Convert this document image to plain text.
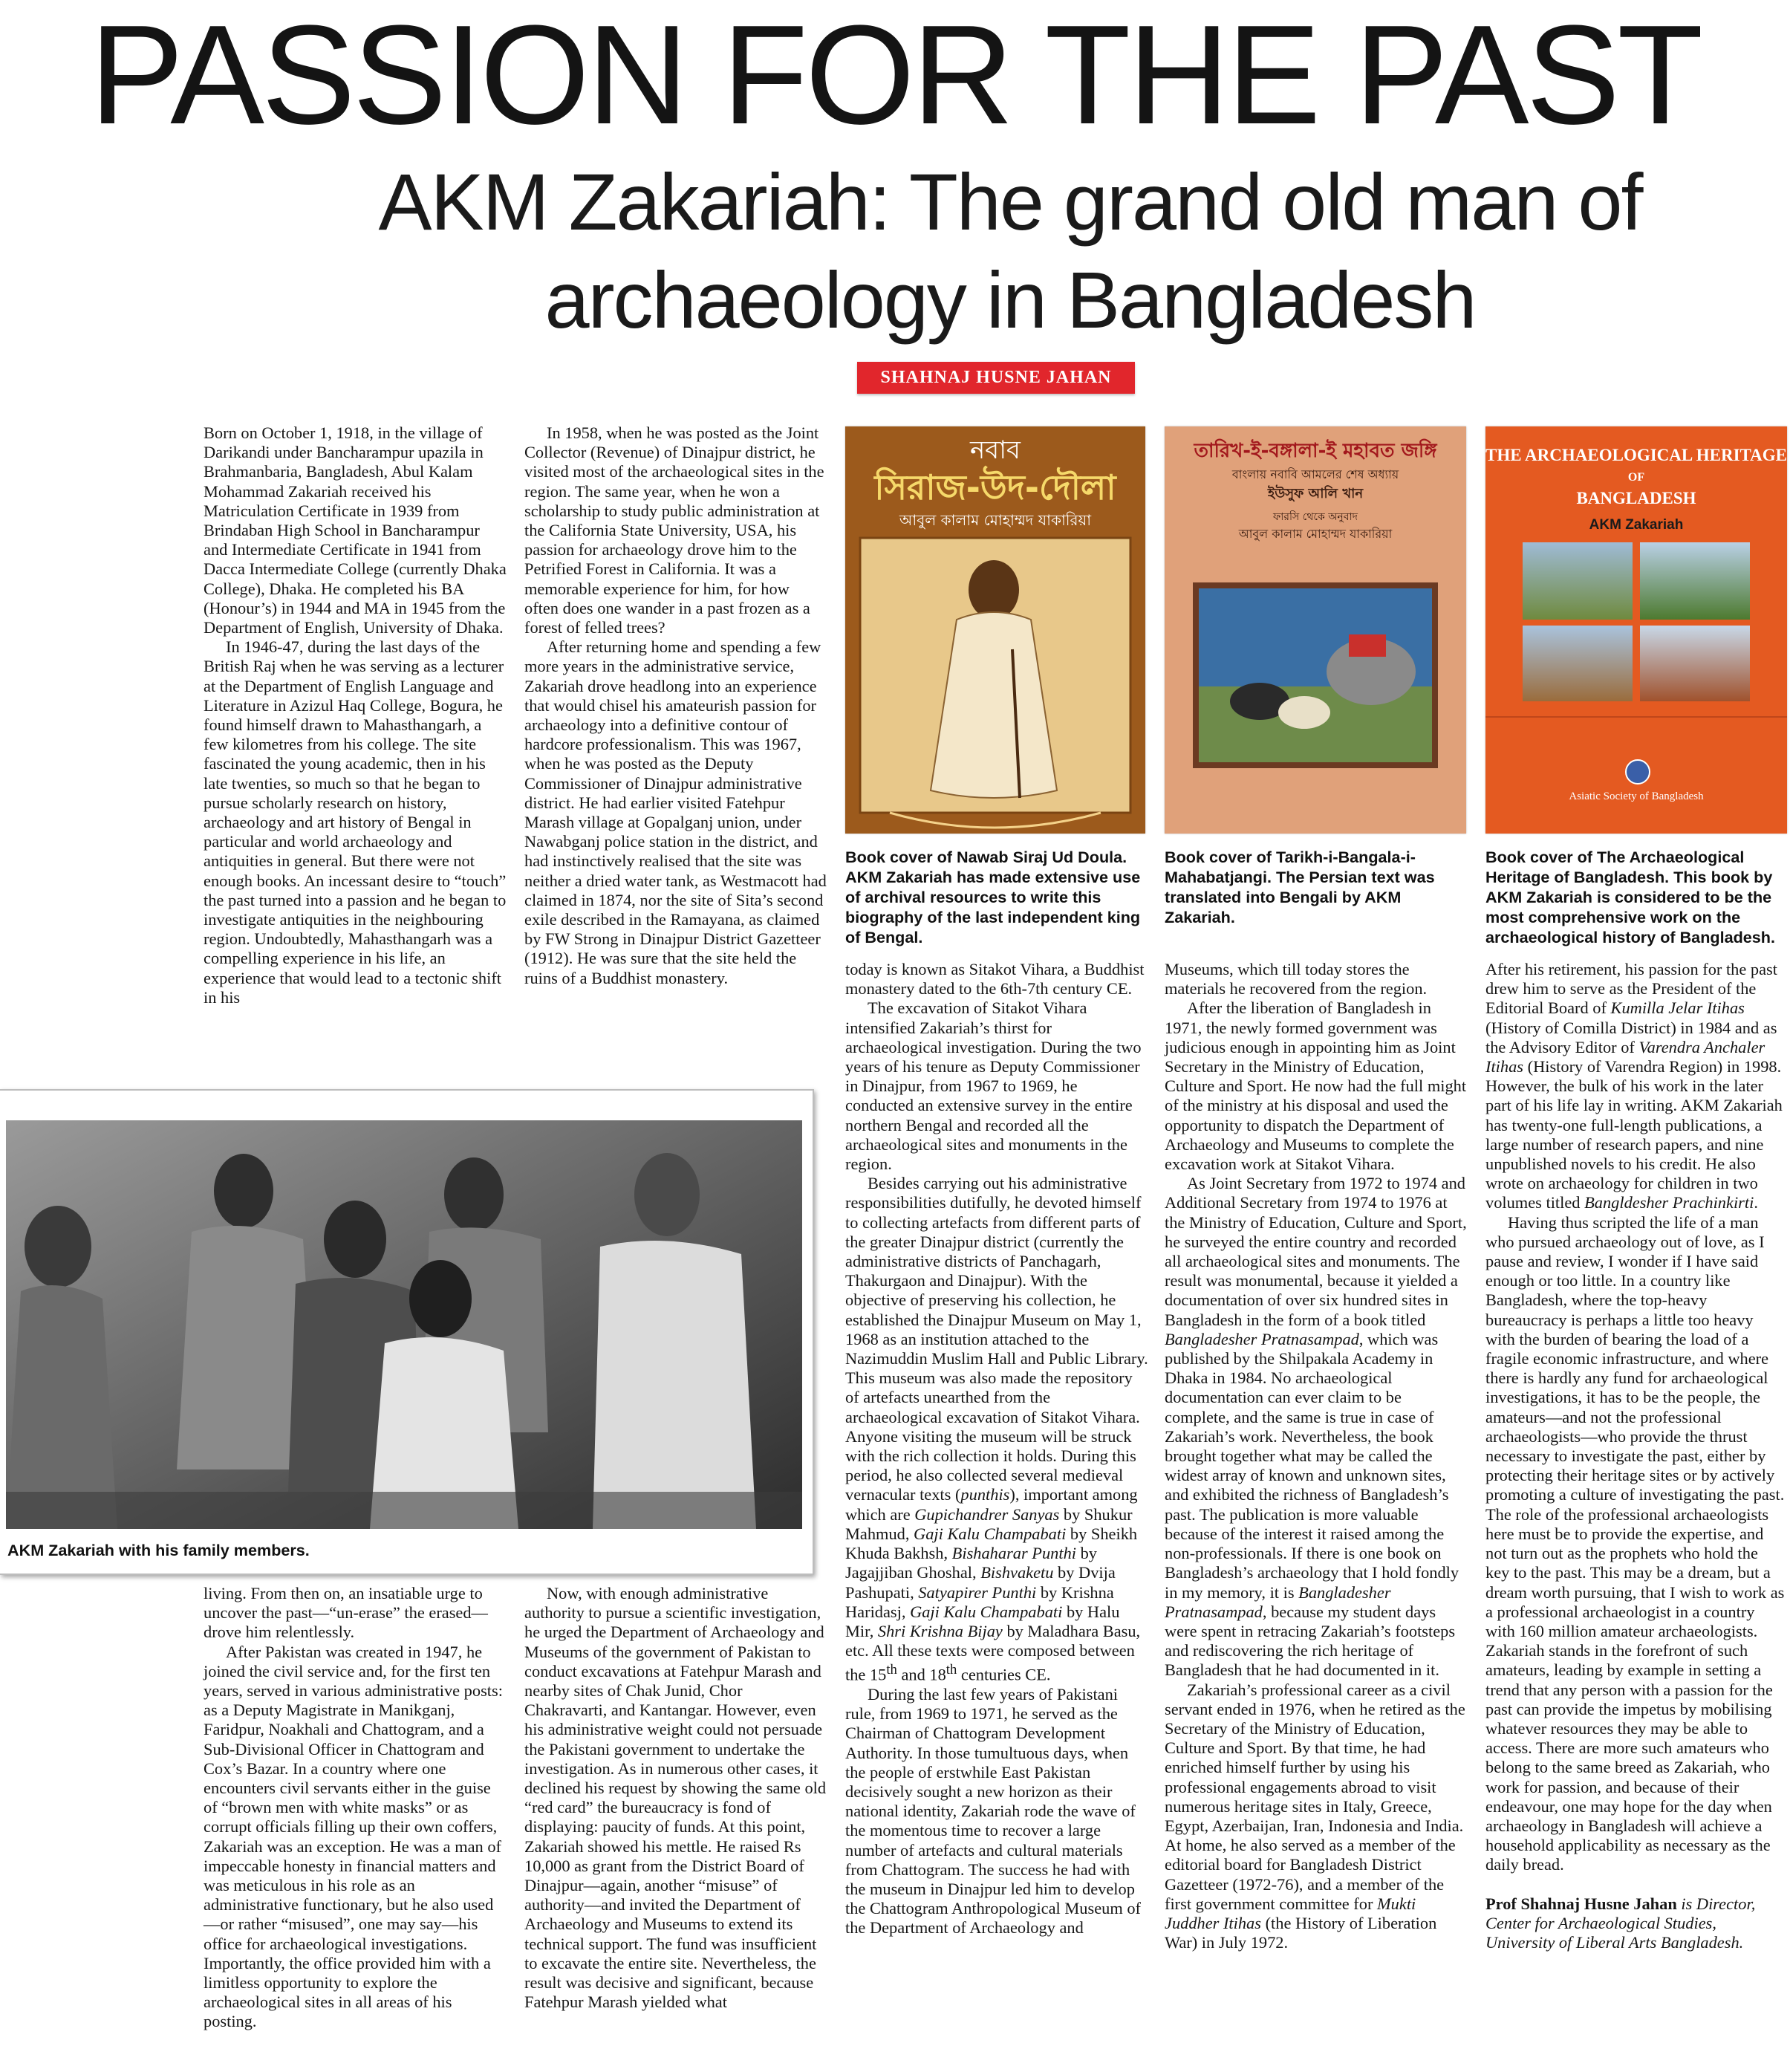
PASSION FOR THE PAST
AKM Zakariah: The grand old man of archaeology in Bangladesh
SHAHNAJ HUSNE JAHAN

Born on October 1, 1918, in the village of Darikandi under Bancharampur upazila in Brahmanbaria, Bangladesh, Abul Kalam Mohammad Zakariah received his Matriculation Certificate in 1939 from Brindaban High School in Bancharampur and Intermediate Certificate in 1941 from Dacca Intermediate College (currently Dhaka College), Dhaka. He completed his BA (Honour’s) in 1944 and MA in 1945 from the Department of English, University of Dhaka.

In 1946-47, during the last days of the British Raj when he was serving as a lecturer at the Department of English Language and Literature in Azizul Haq College, Bogura, he found himself drawn to Mahasthangarh, a few kilometres from his college. The site fascinated the young academic, then in his late twenties, so much so that he began to pursue scholarly research on history, archaeology and art history of Bengal in particular and world archaeology and antiquities in general. But there were not enough books. An incessant desire to “touch” the past turned into a passion and he began to investigate antiquities in the neighbouring region. Undoubtedly, Mahasthangarh was a compelling experience in his life, an experience that would lead to a tectonic shift in his

In 1958, when he was posted as the Joint Collector (Revenue) of Dinajpur district, he visited most of the archaeological sites in the region. The same year, when he won a scholarship to study public administration at the California State University, USA, his passion for archaeology drove him to the Petrified Forest in California. It was a memorable experience for him, for how often does one wander in a past frozen as a forest of felled trees?

After returning home and spending a few more years in the administrative service, Zakariah drove headlong into an experience that would chisel his amateurish passion for archaeology into a definitive contour of hardcore professionalism. This was 1967, when he was posted as the Deputy Commissioner of Dinajpur administrative district. He had earlier visited Fatehpur Marash village at Gopalganj union, under Nawabganj police station in the district, and had instinctively realised that the site was neither a dried water tank, as Westmacott had claimed in 1874, nor the site of Sita’s second exile described in the Ramayana, as claimed by FW Strong in Dinajpur District Gazetteer (1912). He was sure that the site held the ruins of a Buddhist monastery.

নবাব
সিরাজ-উদ-দৌলা
আবুল কালাম মোহাম্মদ যাকারিয়া
Book cover of Nawab Siraj Ud Doula. AKM Zakariah has made extensive use of archival resources to write this biography of the last independent king of Bengal.
তারিখ-ই-বঙ্গালা-ই মহাবত জঙ্গি
বাংলায় নবাবি আমলের শেষ অধ্যায়
ইউসুফ আলি খান
ফারসি থেকে অনুবাদ
আবুল কালাম মোহাম্মদ যাকারিয়া
Book cover of Tarikh-i-Bangala-i-Mahabatjangi. The Persian text was translated into Bengali by AKM Zakariah.
THE ARCHAEOLOGICAL HERITAGE
OF
BANGLADESH
AKM Zakariah
Asiatic Society of Bangladesh
Book cover of The Archaeological Heritage of Bangladesh. This book by AKM Zakariah is considered to be the most comprehensive work on the archaeological history of Bangladesh.

today is known as Sitakot Vihara, a Buddhist monastery dated to the 6th-7th century CE.

The excavation of Sitakot Vihara intensified Zakariah’s thirst for archaeological investigation. During the two years of his tenure as Deputy Commissioner in Dinajpur, from 1967 to 1969, he conducted an extensive survey in the entire northern Bengal and recorded all the archaeological sites and monuments in the region.

Besides carrying out his administrative responsibilities dutifully, he devoted himself to collecting artefacts from different parts of the greater Dinajpur district (currently the administrative districts of Panchagarh, Thakurgaon and Dinajpur). With the objective of preserving his collection, he established the Dinajpur Museum on May 1, 1968 as an institution attached to the Nazimuddin Muslim Hall and Public Library. This museum was also made the repository of artefacts unearthed from the archaeological excavation of Sitakot Vihara. Anyone visiting the museum will be struck with the rich collection it holds. During this period, he also collected several medieval vernacular texts (punthis), important among which are Gupichandrer Sanyas by Shukur Mahmud, Gaji Kalu Champabati by Sheikh Khuda Bakhsh, Bishaharar Punthi by Jagajjiban Ghoshal, Bishvaketu by Dvija Pashupati, Satyapirer Punthi by Krishna Haridasj, Gaji Kalu Champabati by Halu Mir, Shri Krishna Bijay by Maladhara Basu, etc. All these texts were composed between the 15th and 18th centuries CE.

During the last few years of Pakistani rule, from 1969 to 1971, he served as the Chairman of Chattogram Development Authority. In those tumultuous days, when the people of erstwhile East Pakistan decisively sought a new horizon as their national identity, Zakariah rode the wave of the momentous time to recover a large number of artefacts and cultural materials from Chattogram. The success he had with the museum in Dinajpur led him to develop the Chattogram Anthropological Museum of the Department of Archaeology and

Museums, which till today stores the materials he recovered from the region.

After the liberation of Bangladesh in 1971, the newly formed government was judicious enough in appointing him as Joint Secretary in the Ministry of Education, Culture and Sport. He now had the full might of the ministry at his disposal and used the opportunity to dispatch the Department of Archaeology and Museums to complete the excavation work at Sitakot Vihara.

As Joint Secretary from 1972 to 1974 and Additional Secretary from 1974 to 1976 at the Ministry of Education, Culture and Sport, he surveyed the entire country and recorded all archaeological sites and monuments. The result was monumental, because it yielded a documentation of over six hundred sites in Bangladesh in the form of a book titled Bangladesher Pratnasampad, which was published by the Shilpakala Academy in Dhaka in 1984. No archaeological documentation can ever claim to be complete, and the same is true in case of Zakariah’s work. Nevertheless, the book brought together what may be called the widest array of known and unknown sites, and exhibited the richness of Bangladesh’s past. The publication is more valuable because of the interest it raised among the non-professionals. If there is one book on Bangladesh’s archaeology that I hold fondly in my memory, it is Bangladesher Pratnasampad, because my student days were spent in retracing Zakariah’s footsteps and rediscovering the rich heritage of Bangladesh that he had documented in it.

Zakariah’s professional career as a civil servant ended in 1976, when he retired as the Secretary of the Ministry of Education, Culture and Sport. By that time, he had enriched himself further by using his professional engagements abroad to visit numerous heritage sites in Italy, Greece, Egypt, Azerbaijan, Iran, Indonesia and India. At home, he also served as a member of the editorial board for Bangladesh District Gazetteer (1972-76), and a member of the first government committee for Mukti Juddher Itihas (the History of Liberation War) in July 1972.

After his retirement, his passion for the past drew him to serve as the President of the Editorial Board of Kumilla Jelar Itihas (History of Comilla District) in 1984 and as the Advisory Editor of Varendra Anchaler Itihas (History of Varendra Region) in 1998. However, the bulk of his work in the later part of his life lay in writing. AKM Zakariah has twenty-one full-length publications, a large number of research papers, and nine unpublished novels to his credit. He also wrote on archaeology for children in two volumes titled Bangldesher Prachinkirti.

Having thus scripted the life of a man who pursued archaeology out of love, as I pause and review, I wonder if I have said enough or too little. In a country like Bangladesh, where the top-heavy bureaucracy is perhaps a little too heavy with the burden of bearing the load of a fragile economic infrastructure, and where there is hardly any fund for archaeological investigations, it has to be the people, the amateurs—and not the professional archaeologists—who provide the thrust necessary to investigate the past, either by protecting their heritage sites or by actively promoting a culture of investigating the past. The role of the professional archaeologists here must be to provide the expertise, and not turn out as the prophets who hold the key to the past. This may be a dream, but a dream worth pursuing, that I wish to work as a professional archaeologist in a country with 160 million amateur archaeologists. Zakariah stands in the forefront of such amateurs, leading by example in setting a trend that any person with a passion for the past can provide the impetus by mobilising whatever resources they may be able to access. There are more such amateurs who belong to the same breed as Zakariah, who work for passion, and because of their endeavour, one may hope for the day when archaeology in Bangladesh will achieve a household applicability as necessary as the daily bread.

Prof Shahnaj Husne Jahan is Director, Center for Archaeological Studies, University of Liberal Arts Bangladesh.

AKM Zakariah with his family members.

living. From then on, an insatiable urge to uncover the past—“un-erase” the erased—drove him relentlessly.

After Pakistan was created in 1947, he joined the civil service and, for the first ten years, served in various administrative posts: as a Deputy Magistrate in Manikganj, Faridpur, Noakhali and Chattogram, and a Sub-Divisional Officer in Chattogram and Cox’s Bazar. In a country where one encounters civil servants either in the guise of “brown men with white masks” or as corrupt officials filling up their own coffers, Zakariah was an exception. He was a man of impeccable honesty in financial matters and was meticulous in his role as an administrative functionary, but he also used—or rather “misused”, one may say—his office for archaeological investigations. Importantly, the office provided him with a limitless opportunity to explore the archaeological sites in all areas of his posting.

Now, with enough administrative authority to pursue a scientific investigation, he urged the Department of Archaeology and Museums of the government of Pakistan to conduct excavations at Fatehpur Marash and nearby sites of Chak Junid, Chor Chakravarti, and Kantangar. However, even his administrative weight could not persuade the Pakistani government to undertake the investigation. As in numerous other cases, it declined his request by showing the same old “red card” the bureaucracy is fond of displaying: paucity of funds. At this point, Zakariah showed his mettle. He raised Rs 10,000 as grant from the District Board of Dinajpur—again, another “misuse” of authority—and invited the Department of Archaeology and Museums to extend its technical support. The fund was insufficient to excavate the entire site. Nevertheless, the result was decisive and significant, because Fatehpur Marash yielded what
